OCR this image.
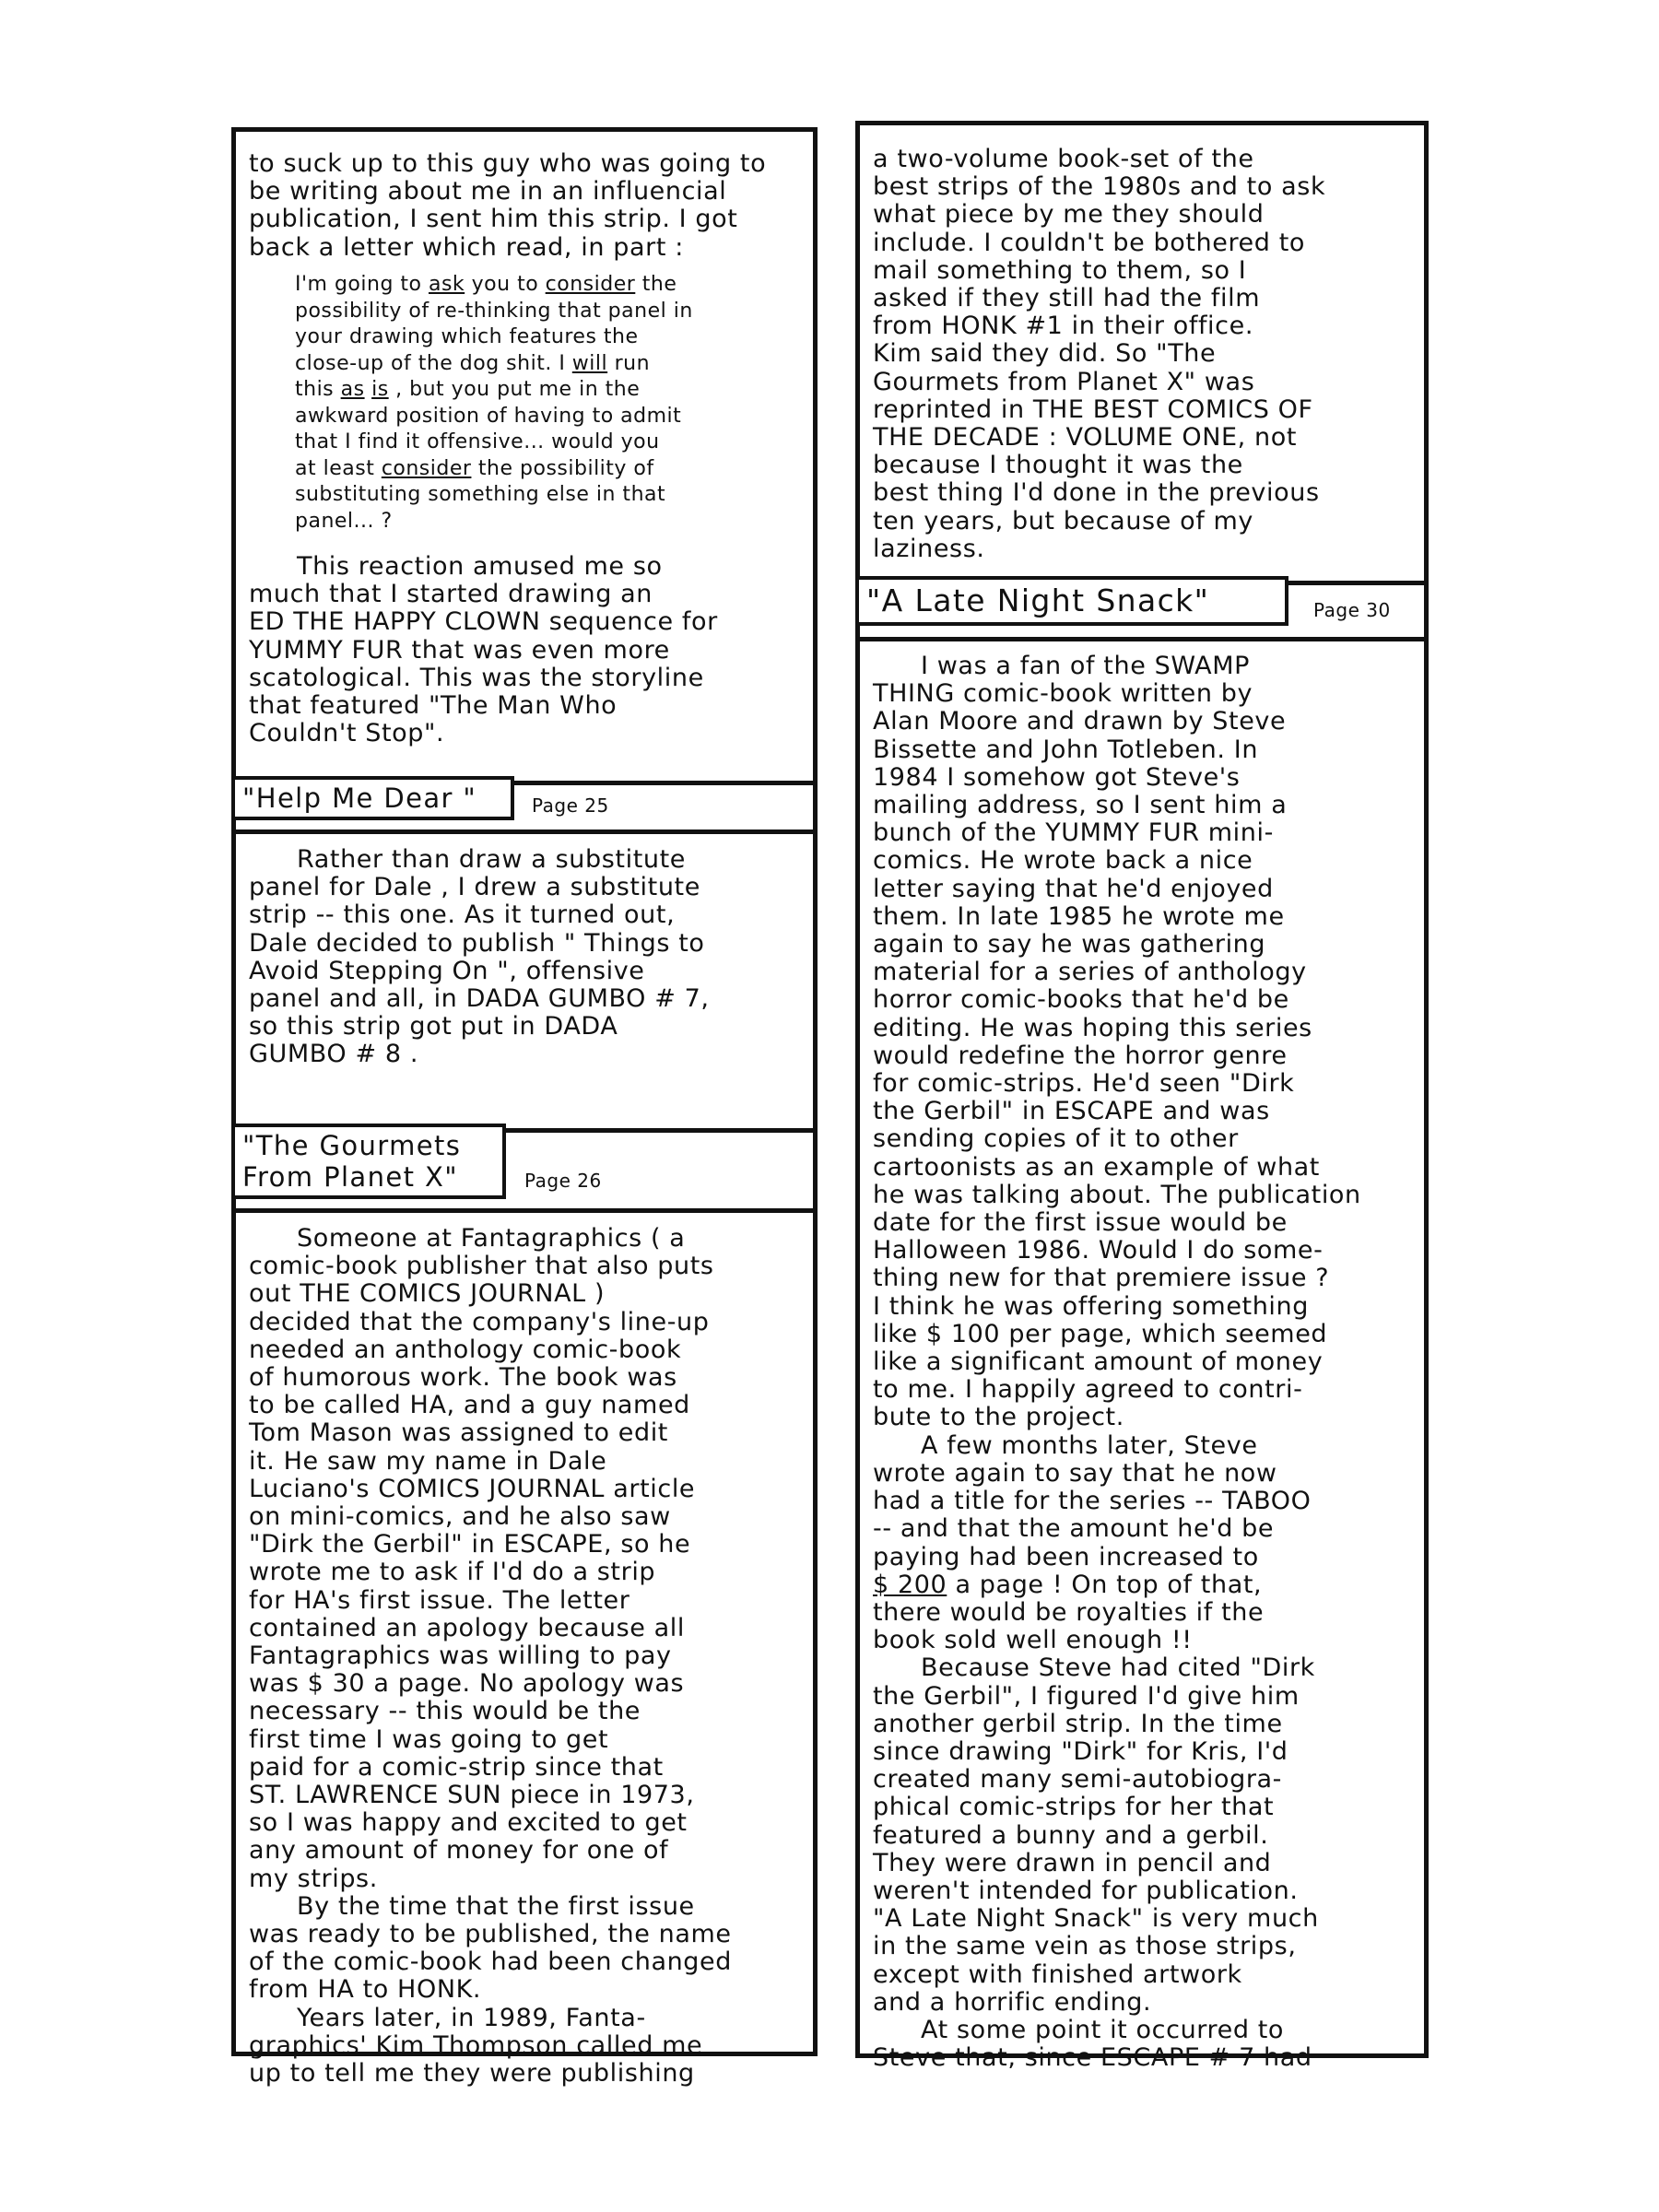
to suck up to this guy who was going to
be writing about me in an influencial
publication, I sent him this strip. I got
back a letter which read, in part :

I'm going to ask you to consider the
possibility of re-thinking that panel in
your drawing which features the
close-up of the dog shit. I will run
this as is , but you put me in the
awkward position of having to admit
that I find it offensive... would you
at least consider the possibility of
substituting something else in that
panel... ?

This reaction amused me so
much that I started drawing an
ED THE HAPPY CLOWN sequence for
YUMMY FUR that was even more
scatological. This was the storyline
that featured "The Man Who
Couldn't Stop".

"Help Me Dear "	Page 25

Rather than draw a substitute
panel for Dale , I drew a substitute
strip -- this one. As it turned out,
Dale decided to publish " Things to
Avoid Stepping On ", offensive
panel and all, in DADA GUMBO # 7,
so this strip got put in DADA
GUMBO # 8 .

"The Gourmets
From Planet X"	Page 26

Someone at Fantagraphics ( a
comic-book publisher that also puts
out THE COMICS JOURNAL )
decided that the company's line-up
needed an anthology comic-book
of humorous work. The book was
to be called HA, and a guy named
Tom Mason was assigned to edit
it. He saw my name in Dale
Luciano's COMICS JOURNAL article
on mini-comics, and he also saw
"Dirk the Gerbil" in ESCAPE, so he
wrote me to ask if I'd do a strip
for HA's first issue. The letter
contained an apology because all
Fantagraphics was willing to pay
was $ 30 a page. No apology was
necessary -- this would be the
first time I was going to get
paid for a comic-strip since that
ST. LAWRENCE SUN piece in 1973,
so I was happy and excited to get
any amount of money for one of
my strips.

By the time that the first issue
was ready to be published, the name
of the comic-book had been changed
from HA to HONK.

Years later, in 1989, Fanta-
graphics' Kim Thompson called me
up to tell me they were publishing

a two-volume book-set of the
best strips of the 1980s and to ask
what piece by me they should
include. I couldn't be bothered to
mail something to them, so I
asked if they still had the film
from HONK #1 in their office.
Kim said they did. So "The
Gourmets from Planet X" was
reprinted in THE BEST COMICS OF
THE DECADE : VOLUME ONE, not
because I thought it was the
best thing I'd done in the previous
ten years, but because of my
laziness.

"A Late Night Snack"	Page 30

I was a fan of the SWAMP
THING comic-book written by
Alan Moore and drawn by Steve
Bissette and John Totleben. In
1984 I somehow got Steve's
mailing address, so I sent him a
bunch of the YUMMY FUR mini-
comics. He wrote back a nice
letter saying that he'd enjoyed
them. In late 1985 he wrote me
again to say he was gathering
material for a series of anthology
horror comic-books that he'd be
editing. He was hoping this series
would redefine the horror genre
for comic-strips. He'd seen "Dirk
the Gerbil" in ESCAPE and was
sending copies of it to other
cartoonists as an example of what
he was talking about. The publication
date for the first issue would be
Halloween 1986. Would I do some-
thing new for that premiere issue ?
I think he was offering something
like $ 100 per page, which seemed
like a significant amount of money
to me. I happily agreed to contri-
bute to the project.

A few months later, Steve
wrote again to say that he now
had a title for the series -- TABOO
-- and that the amount he'd be
paying had been increased to
$ 200 a page ! On top of that,
there would be royalties if the
book sold well enough !!

Because Steve had cited "Dirk
the Gerbil", I figured I'd give him
another gerbil strip. In the time
since drawing "Dirk" for Kris, I'd
created many semi-autobiogra-
phical comic-strips for her that
featured a bunny and a gerbil.
They were drawn in pencil and
weren't intended for publication.
"A Late Night Snack" is very much
in the same vein as those strips,
except with finished artwork
and a horrific ending.

At some point it occurred to
Steve that, since ESCAPE # 7 had
